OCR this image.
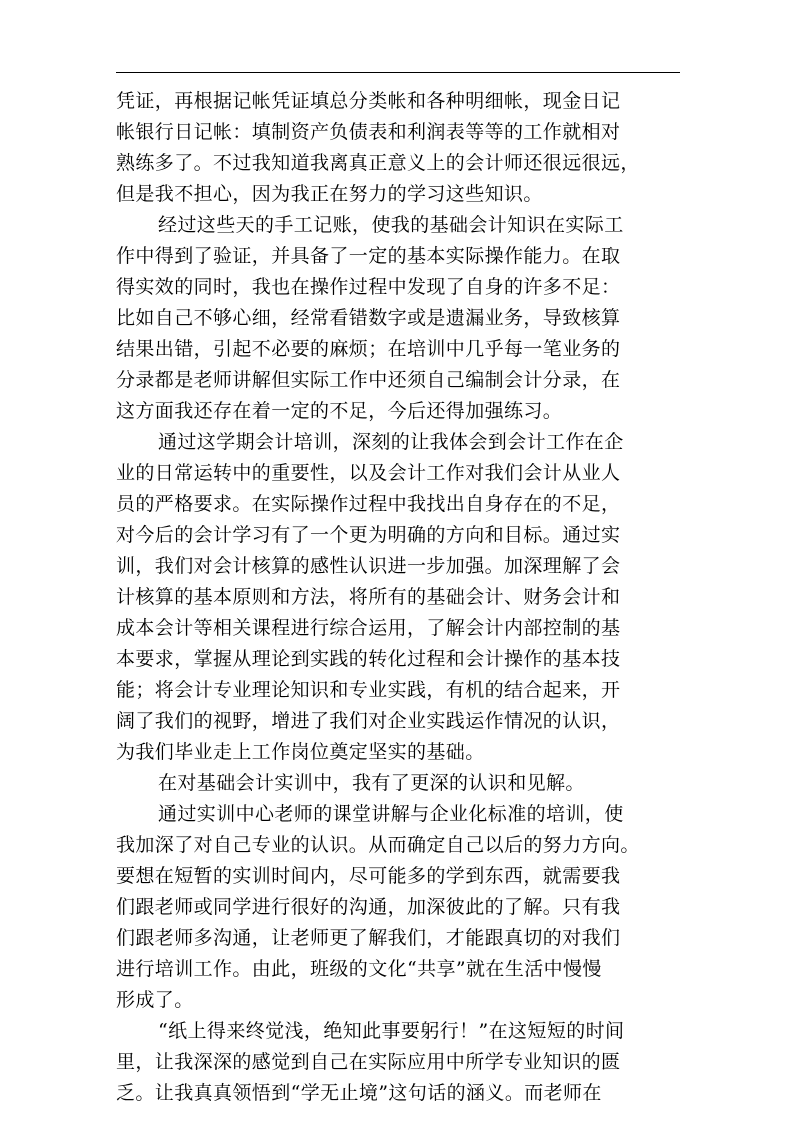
凭证，再根据记帐凭证填总分类帐和各种明细帐，现金日记
帐银行日记帐：填制资产负债表和利润表等等的工作就相对
熟练多了。不过我知道我离真正意义上的会计师还很远很远，
但是我不担心，因为我正在努力的学习这些知识。
经过这些天的手工记账，使我的基础会计知识在实际工
作中得到了验证，并具备了一定的基本实际操作能力。在取
得实效的同时，我也在操作过程中发现了自身的许多不足：
比如自己不够心细，经常看错数字或是遗漏业务，导致核算
结果出错，引起不必要的麻烦；在培训中几乎每一笔业务的
分录都是老师讲解但实际工作中还须自己编制会计分录，在
这方面我还存在着一定的不足，今后还得加强练习。
通过这学期会计培训，深刻的让我体会到会计工作在企
业的日常运转中的重要性，以及会计工作对我们会计从业人
员的严格要求。在实际操作过程中我找出自身存在的不足，
对今后的会计学习有了一个更为明确的方向和目标。通过实
训，我们对会计核算的感性认识进一步加强。加深理解了会
计核算的基本原则和方法，将所有的基础会计、财务会计和
成本会计等相关课程进行综合运用，了解会计内部控制的基
本要求，掌握从理论到实践的转化过程和会计操作的基本技
能；将会计专业理论知识和专业实践，有机的结合起来，开
阔了我们的视野，增进了我们对企业实践运作情况的认识，
为我们毕业走上工作岗位奠定坚实的基础。
在对基础会计实训中，我有了更深的认识和见解。
通过实训中心老师的课堂讲解与企业化标准的培训，使
我加深了对自己专业的认识。从而确定自己以后的努力方向。
要想在短暂的实训时间内，尽可能多的学到东西，就需要我
们跟老师或同学进行很好的沟通，加深彼此的了解。只有我
们跟老师多沟通，让老师更了解我们，才能跟真切的对我们
进行培训工作。由此，班级的文化“共享”就在生活中慢慢
形成了。
“纸上得来终觉浅，绝知此事要躬行！”在这短短的时间
里，让我深深的感觉到自己在实际应用中所学专业知识的匮
乏。让我真真领悟到“学无止境”这句话的涵义。而老师在
